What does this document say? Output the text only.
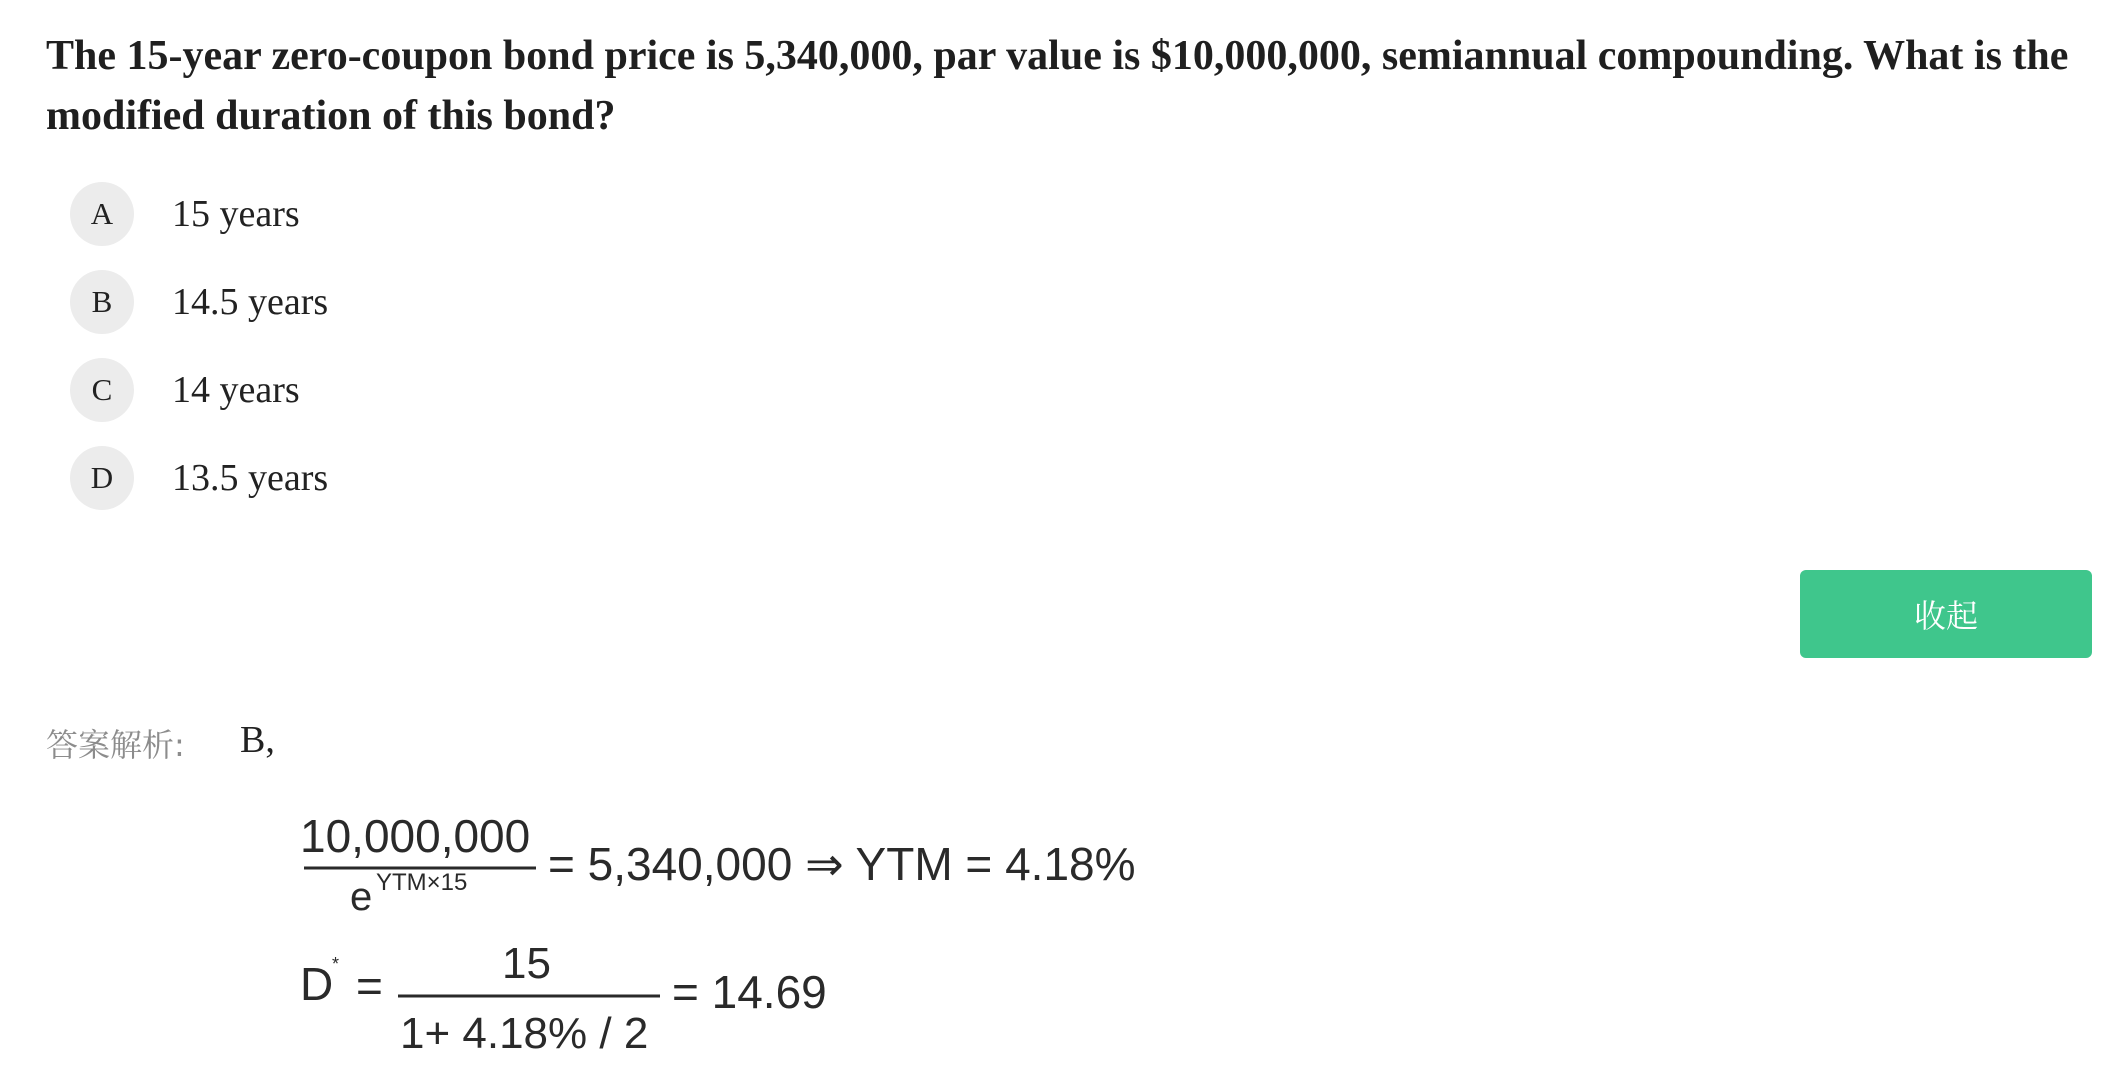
The 15-year zero-coupon bond price is 5,340,000, par value is $10,000,000, semiannual compounding. What is the modified duration of this bond?
A	15 years
B	14.5 years
C	14 years
D	13.5 years
收起
答案解析: B,
10,000,000
e YTM×15 = 5,340,000 ⇒ YTM = 4.18%
D
* =	15
1+ 4.18% / 2
= 14.69
